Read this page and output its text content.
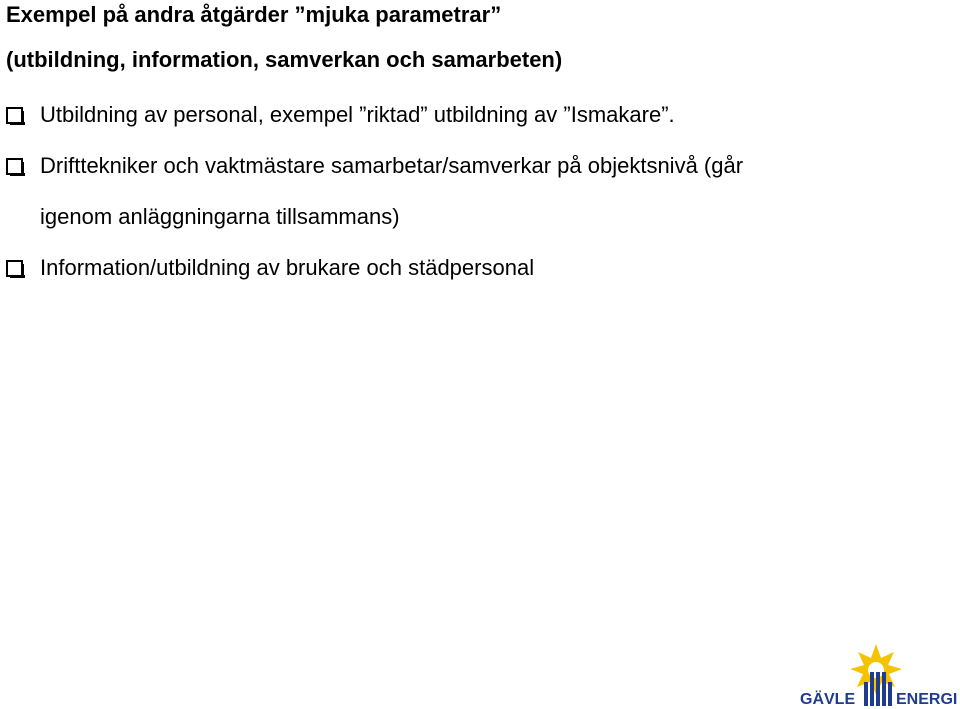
Exempel på andra åtgärder ”mjuka parametrar”
(utbildning, information, samverkan och samarbeten)
Utbildning av personal, exempel ”riktad” utbildning av ”Ismakare”.
Drifttekniker och vaktmästare samarbetar/samverkar på objektsnivå (går
igenom anläggningarna tillsammans)
Information/utbildning av brukare och städpersonal
GÄVLE	ENERGI
